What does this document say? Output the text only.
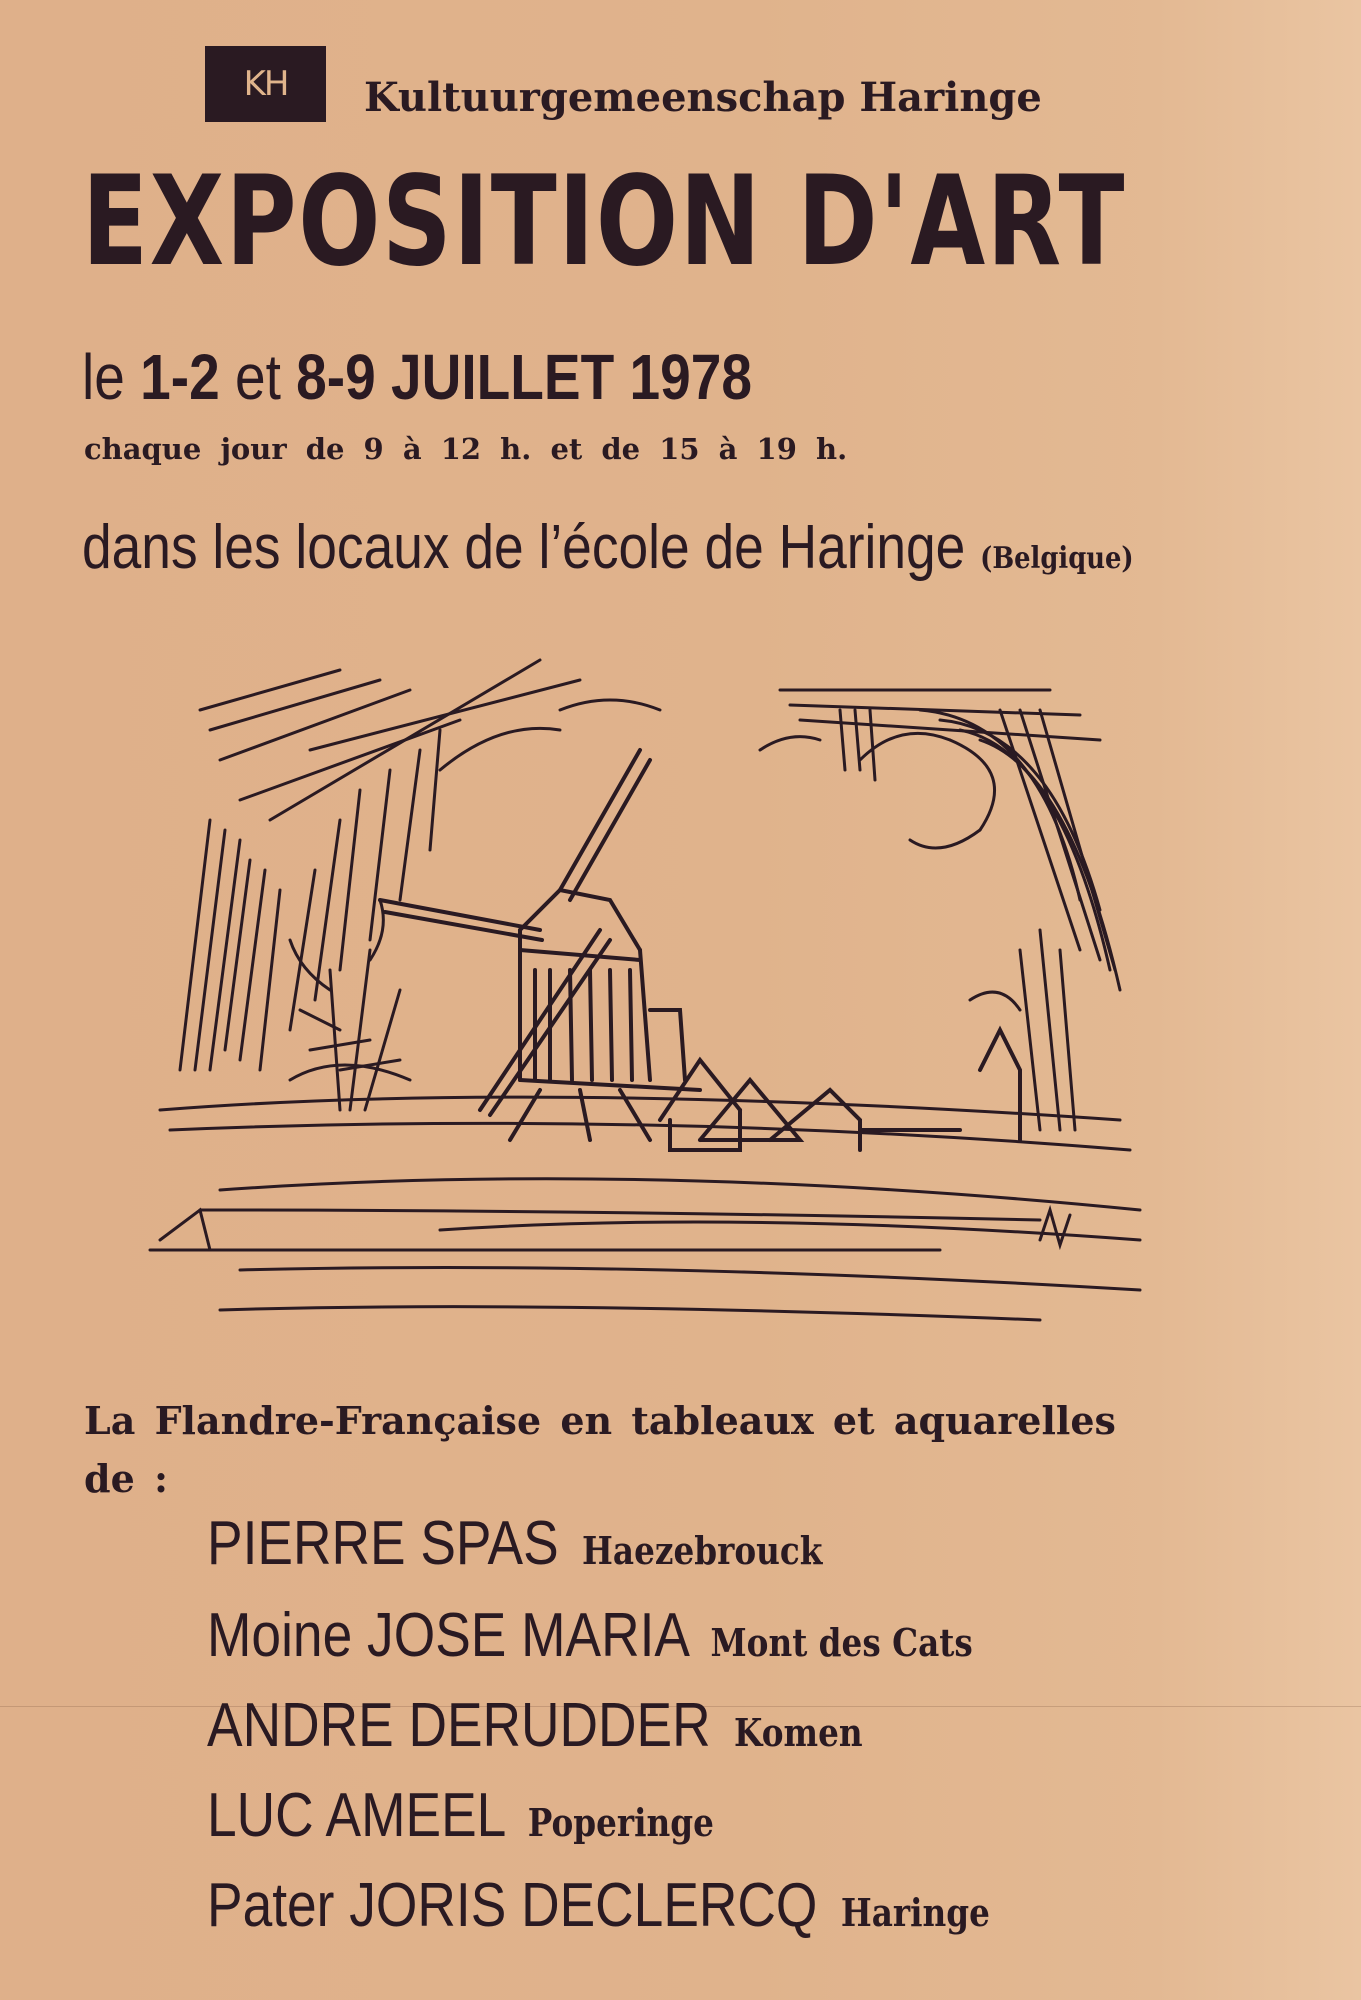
KH Kultuurgemeenschap Haringe
EXPOSITION D'ART
le 1-2 et 8-9 JUILLET 1978
chaque jour de 9 à 12 h. et de 15 à 19 h.
dans les locaux de l’école de Haringe (Belgique)
La Flandre-Française en tableaux et aquarelles
de :
PIERRE SPAS Haezebrouck
Moine JOSE MARIA Mont des Cats
ANDRE DERUDDER Komen
LUC AMEEL Poperinge
Pater JORIS DECLERCQ Haringe
